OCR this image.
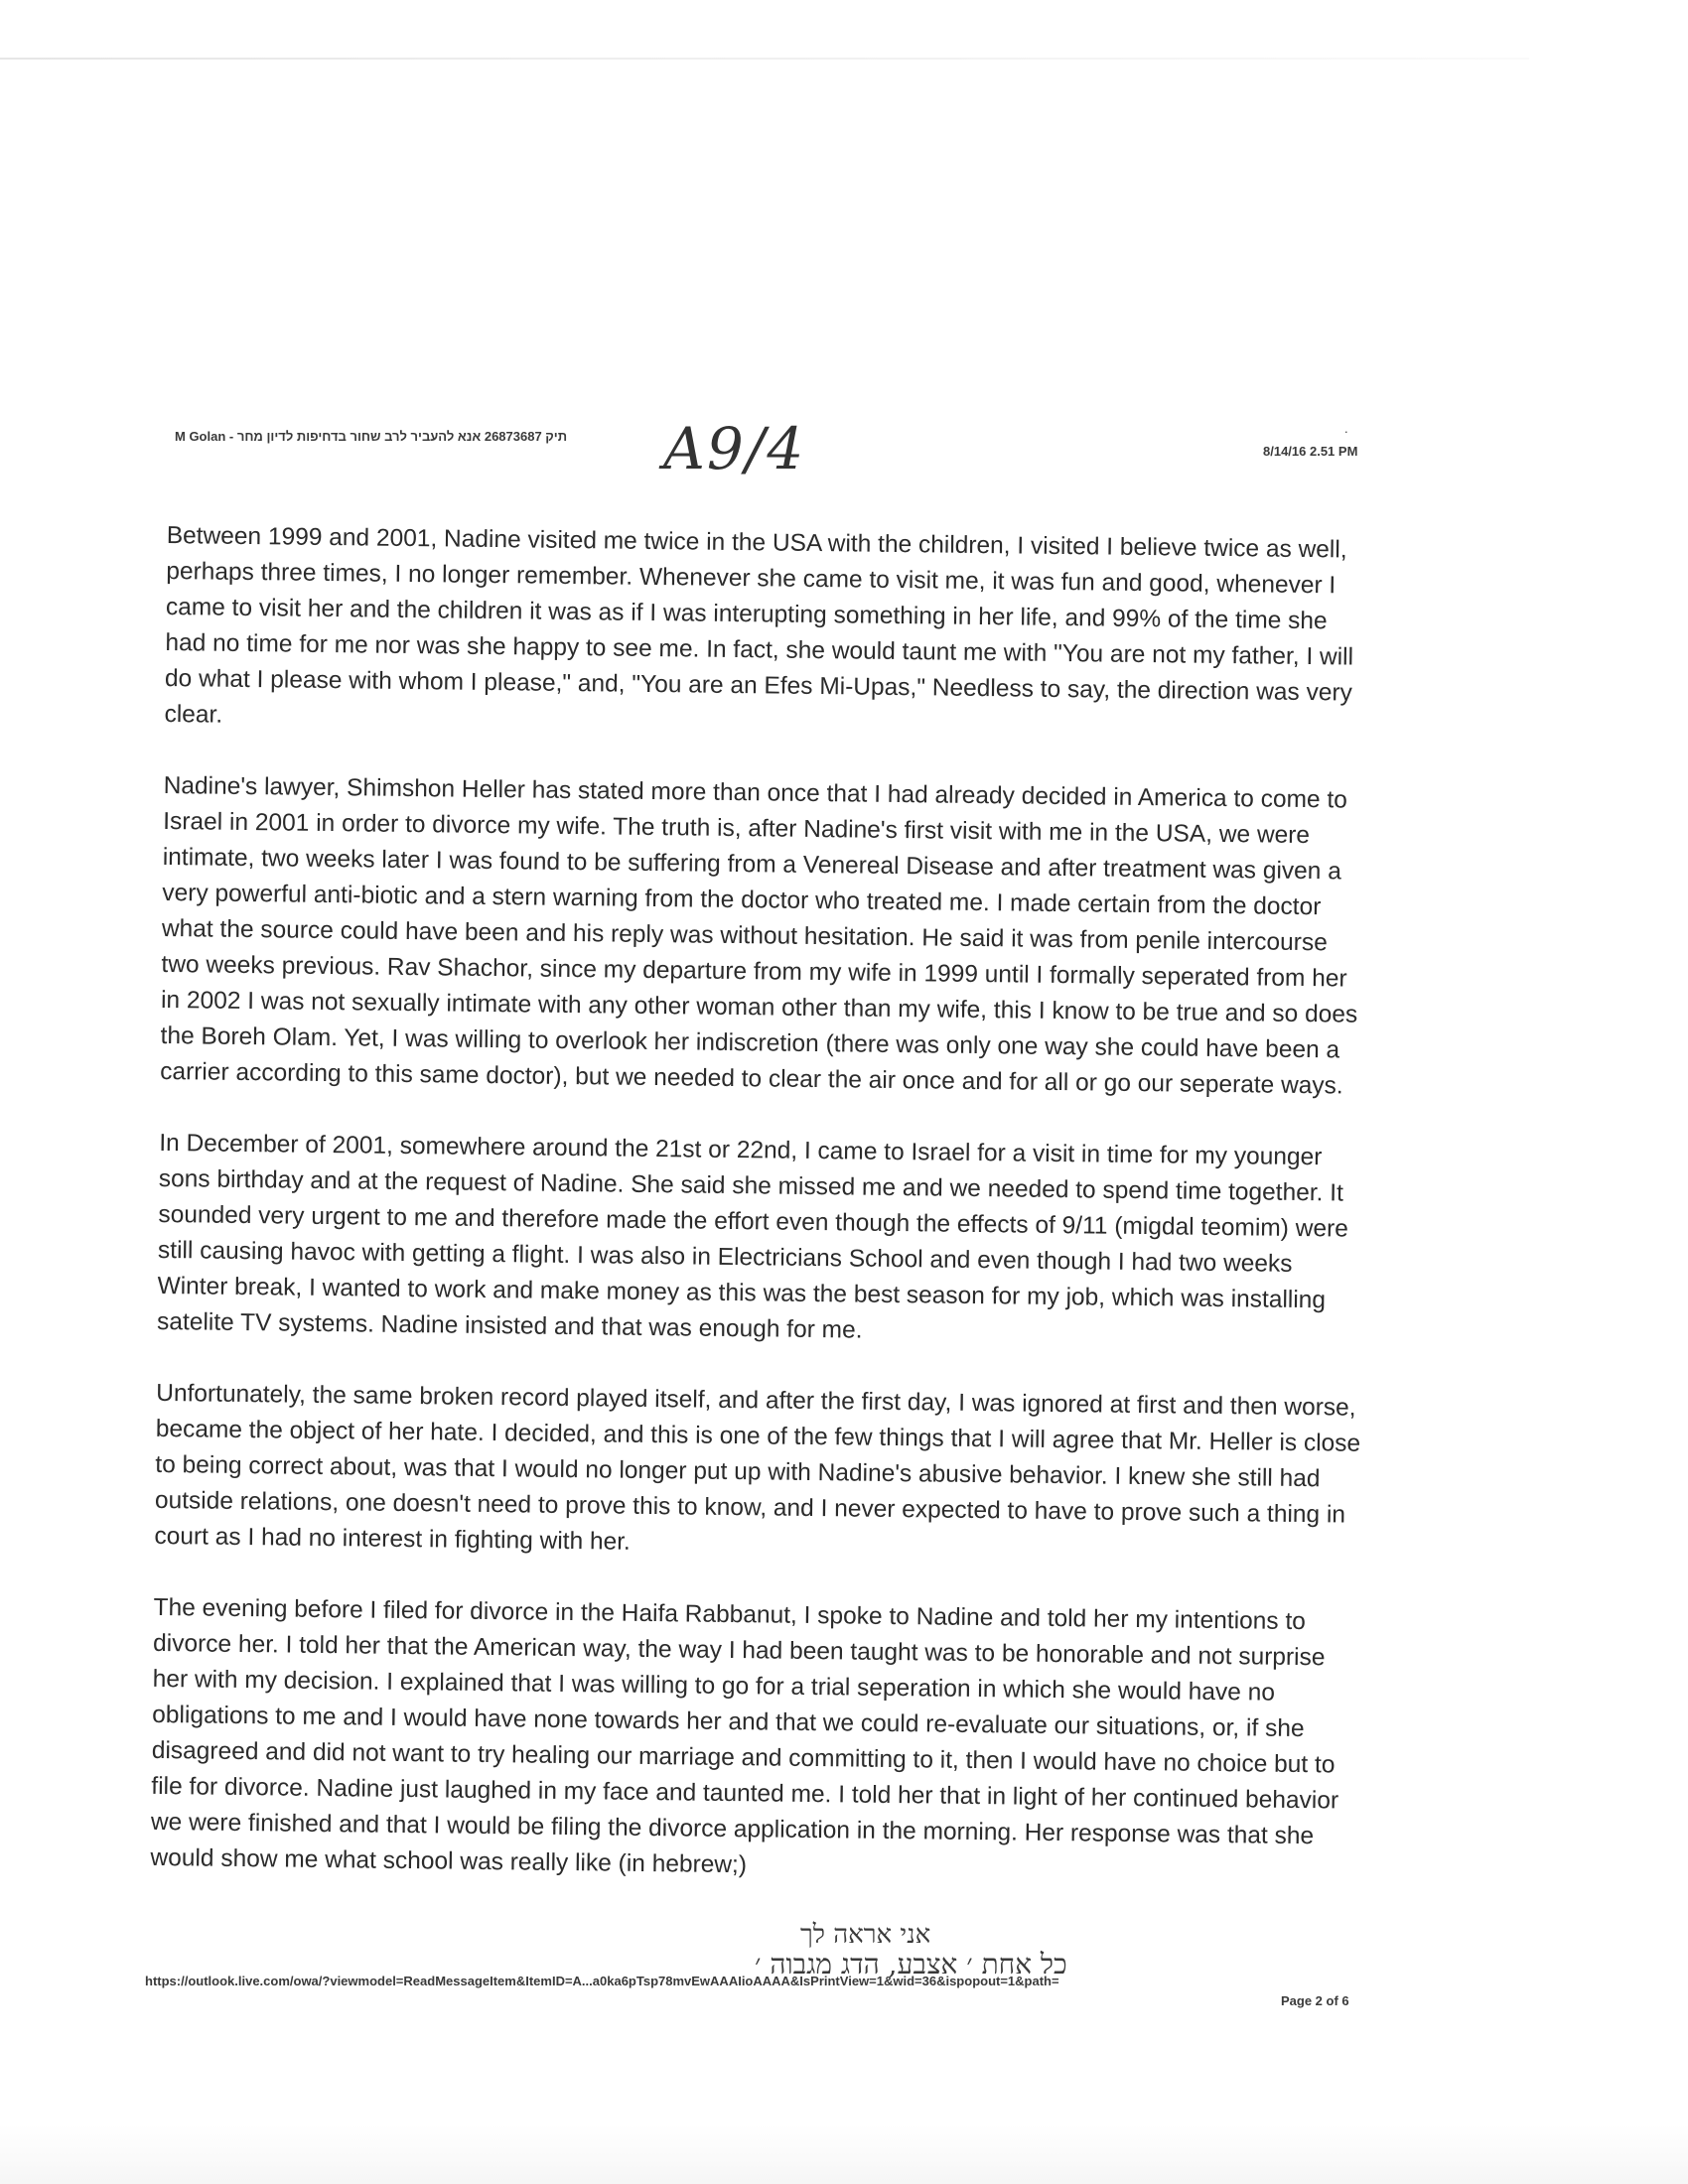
M Golan - תיק 26873687 אנא להעביר לרב שחור בדחיפות לדיון מחר A9/4	.
8/14/16 2.51 PM

Between 1999 and 2001, Nadine visited me twice in the USA with the children, I visited I believe twice as well, perhaps three times, I no longer remember. Whenever she came to visit me, it was fun and good, whenever I came to visit her and the children it was as if I was interupting something in her life, and 99% of the time she had no time for me nor was she happy to see me. In fact, she would taunt me with "You are not my father, I will do what I please with whom I please," and, "You are an Efes Mi-Upas," Needless to say, the direction was very clear.

Nadine's lawyer, Shimshon Heller has stated more than once that I had already decided in America to come to Israel in 2001 in order to divorce my wife. The truth is, after Nadine's first visit with me in the USA, we were intimate, two weeks later I was found to be suffering from a Venereal Disease and after treatment was given a very powerful anti-biotic and a stern warning from the doctor who treated me. I made certain from the doctor what the source could have been and his reply was without hesitation. He said it was from penile intercourse two weeks previous. Rav Shachor, since my departure from my wife in 1999 until I formally seperated from her in 2002 I was not sexually intimate with any other woman other than my wife, this I know to be true and so does the Boreh Olam. Yet, I was willing to overlook her indiscretion (there was only one way she could have been a carrier according to this same doctor), but we needed to clear the air once and for all or go our seperate ways.

In December of 2001, somewhere around the 21st or 22nd, I came to Israel for a visit in time for my younger sons birthday and at the request of Nadine. She said she missed me and we needed to spend time together. It sounded very urgent to me and therefore made the effort even though the effects of 9/11 (migdal teomim) were still causing havoc with getting a flight. I was also in Electricians School and even though I had two weeks Winter break, I wanted to work and make money as this was the best season for my job, which was installing satelite TV systems. Nadine insisted and that was enough for me.

Unfortunately, the same broken record played itself, and after the first day, I was ignored at first and then worse, became the object of her hate. I decided, and this is one of the few things that I will agree that Mr. Heller is close to being correct about, was that I would no longer put up with Nadine's abusive behavior. I knew she still had outside relations, one doesn't need to prove this to know, and I never expected to have to prove such a thing in court as I had no interest in fighting with her.

The evening before I filed for divorce in the Haifa Rabbanut, I spoke to Nadine and told her my intentions to divorce her. I told her that the American way, the way I had been taught was to be honorable and not surprise her with my decision. I explained that I was willing to go for a trial seperation in which she would have no obligations to me and I would have none towards her and that we could re-evaluate our situations, or, if she disagreed and did not want to try healing our marriage and committing to it, then I would have no choice but to file for divorce. Nadine just laughed in my face and taunted me. I told her that in light of her continued behavior we were finished and that I would be filing the divorce application in the morning. Her response was that she would show me what school was really like (in hebrew;)

אני אראה לך
כל אחת ׳ אצבע, הדג מגבוה ׳
https://outlook.live.com/owa/?viewmodel=ReadMessageItem&ItemID=A...a0ka6pTsp78mvEwAAAIioAAAA&IsPrintView=1&wid=36&ispopout=1&path=
Page 2 of 6
